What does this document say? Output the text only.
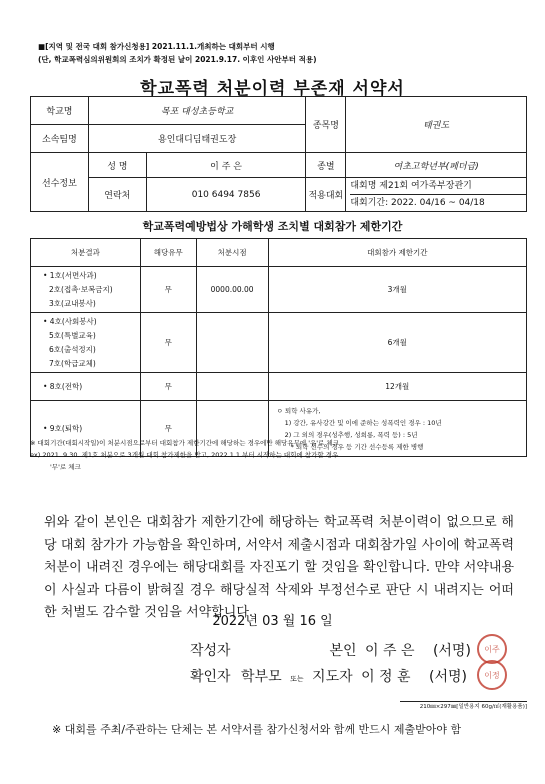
■[지역 및 전국 대회 참가신청용] 2021.11.1.개최하는 대회부터 시행
(단, 학교폭력심의위원회의 조치가 확정된 날이 2021.9.17. 이후인 사안부터 적용)
학교폭력 처분이력 부존재 서약서
학교명	목포 대성초등학교		종목명	태권도
소속팀명	용인대디딤태권도장			
선수정보	성 명	이 주 은	종별	여초고학년부(페더급)
	연락처	010 6494 7856	적용대회	대회명 제21회 여가족부장관기
대회기간: 2022. 04/16 ~ 04/18
학교폭력예방법상 가해학생 조치별 대회참가 제한기간
처분결과	해당유무	처분시점	대회참가 제한기간

• 1호(서면사과)
2호(접촉·보복금지)
3호(교내봉사)	무	0000.00.00	3개월

• 4호(사회봉사)
5호(특별교육)
6호(출석정지)
7호(학급교체)	무		6개월
• 8호(전학)	무		12개월
• 9호(퇴학)	무		ㅇ 퇴학 사유가,
1) 강간, 유사강간 및 이에 준하는 성폭력인 경우 : 10년
2) 그 외의 경우(성추행, 성희롱, 폭력 등) : 5년
* 퇴학 선수의 경우 등 기간 선수등록 제한 병행
※ 대회기간(대회시작일)이 처분시점으로부터 대회참가 제한기간에 해당하는 경우에만 해당유무에 '유'로 체크
ex) 2021. 9.30. 제1호 처분으로 3개월 대회 참가제한을 받고, 2022.1.1.부터 시작하는 대회에 참가할 경우
'무'로 체크
위와 같이 본인은 대회참가 제한기간에 해당하는 학교폭력 처분이력이 없으므로 해당 대회 참가가 가능함을 확인하며, 서약서 제출시점과 대회참가일 사이에 학교폭력 처분이 내려진 경우에는 해당대회를 자진포기 할 것임을 확인합니다. 만약 서약내용이 사실과 다름이 밝혀질 경우 해당실적 삭제와 부정선수로 판단 시 내려지는 어떠한 처벌도 감수할 것임을 서약합니다.
2022년 03 월 16 일
작성자	본인 이 주 은 (서명)	이주
확인자 학부모 또는 지도자 이 정 훈 (서명)	이정
210㎜×297㎜[일반용지 60g/㎡(재활용품)]
※ 대회를 주최/주관하는 단체는 본 서약서를 참가신청서와 함께 반드시 제출받아야 함
